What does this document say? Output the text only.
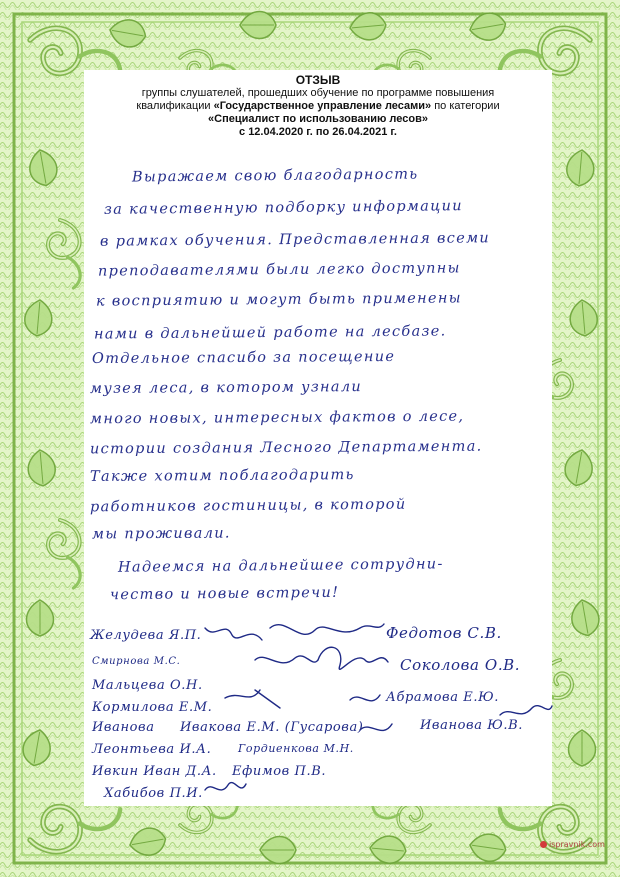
ОТЗЫВ
группы слушателей, прошедших обучение по программе повышения
квалификации «Государственное управление лесами» по категории
«Специалист по использованию лесов»
с 12.04.2020 г. по 26.04.2021 г.
Выражаем свою благодарность
за качественную подборку информации
в рамках обучения. Представленная всеми
преподавателями были легко доступны
к восприятию и могут быть применены
нами в дальнейшей работе на лесбазе.
Отдельное спасибо за посещение
музея леса, в котором узнали
много новых, интересных фактов о лесе,
истории создания Лесного Департамента.
Также хотим поблагодарить
работников гостиницы, в которой
мы проживали.
Надеемся на дальнейшее сотрудни-
чество и новые встречи!
Желудева Я.П.	Федотов С.В.
Смирнова М.С.	Соколова О.В.
Мальцева О.Н.
Кормилова Е.М.
Абрамова Е.Ю.
Иванова Ивакова Е.М. (Гусарова)	Иванова Ю.В.
Леонтьева И.А. Гордиенкова М.Н.
Ивкин Иван Д.А. Ефимов П.В.
Хабибов П.И.
ispravnik.com
